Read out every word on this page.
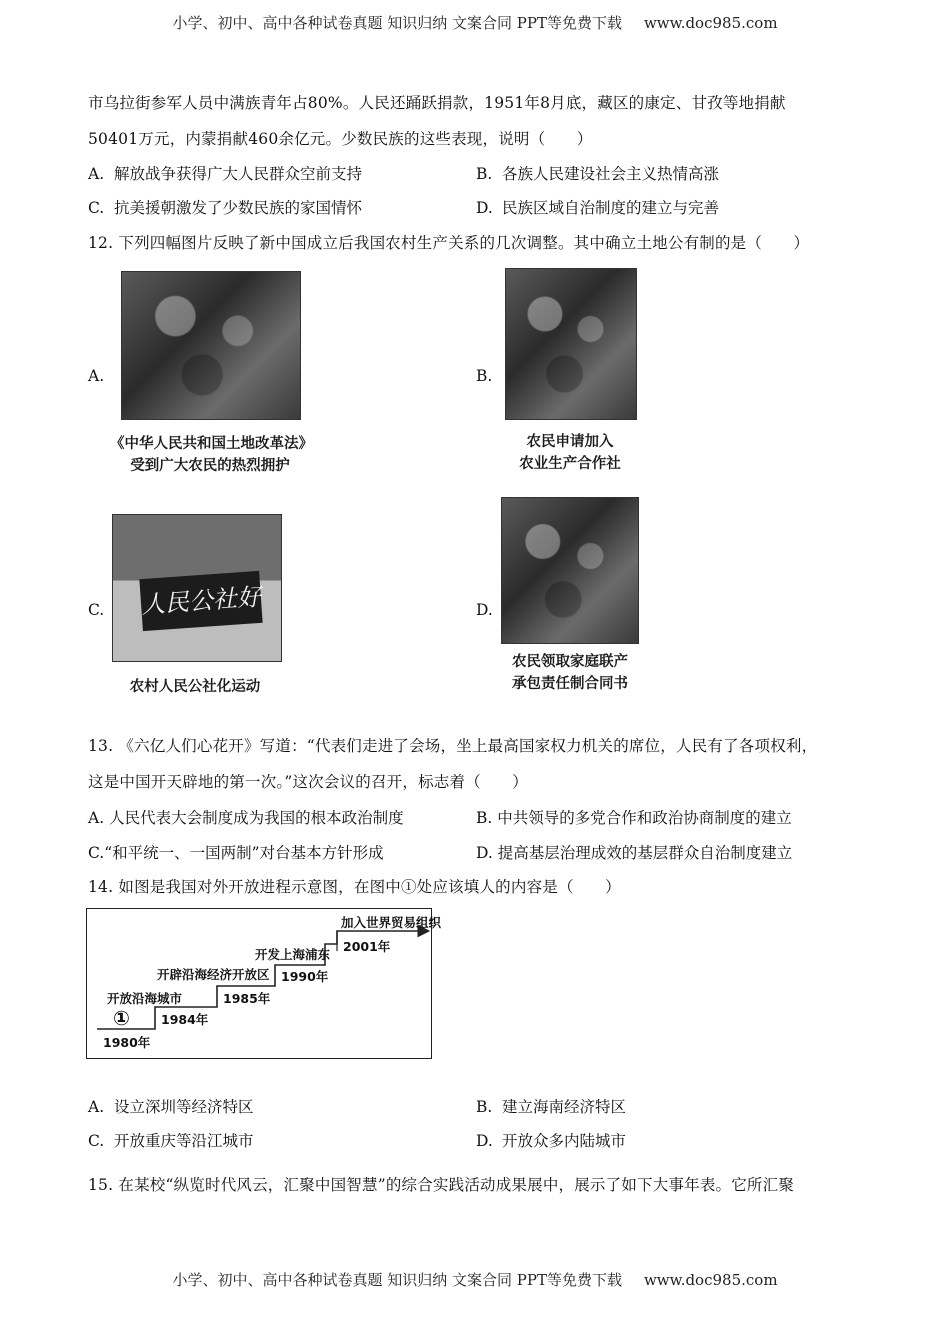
小学、初中、高中各种试卷真题 知识归纳 文案合同 PPT等免费下载 www.doc985.com
市乌拉街参军人员中满族青年占80%。人民还踊跃捐款，1951年8月底，藏区的康定、甘孜等地捐献
50401万元，内蒙捐献460余亿元。少数民族的这些表现，说明（　　）
A. 解放战争获得广大人民群众空前支持	B. 各族人民建设社会主义热情高涨
C. 抗美援朝激发了少数民族的家国情怀	D. 民族区域自治制度的建立与完善
12. 下列四幅图片反映了新中国成立后我国农村生产关系的几次调整。其中确立土地公有制的是（　　）
A.
《中华人民共和国土地改革法》
受到广大农民的热烈拥护
B.
农民申请加入
农业生产合作社
C. 人民公社好
农村人民公社化运动
D.
农民领取家庭联产
承包责任制合同书
13. 《六亿人们心花开》写道：“代表们走进了会场，坐上最高国家权力机关的席位，人民有了各项权利，
这是中国开天辟地的第一次。”这次会议的召开，标志着（　　）
A. 人民代表大会制度成为我国的根本政治制度	B. 中共领导的多党合作和政治协商制度的建立
C.“和平统一、一国两制”对台基本方针形成	D. 提高基层治理成效的基层群众自治制度建立
14. 如图是我国对外开放进程示意图，在图中①处应该填人的内容是（　　）
①
1980年
1984年
开放沿海城市	1985年
开辟沿海经济开放区 1990年
开发上海浦东
2001年
加入世界贸易组织
A. 设立深圳等经济特区	B. 建立海南经济特区
C. 开放重庆等沿江城市	D. 开放众多内陆城市
15. 在某校“纵览时代风云，汇聚中国智慧”的综合实践活动成果展中，展示了如下大事年表。它所汇聚
小学、初中、高中各种试卷真题 知识归纳 文案合同 PPT等免费下载 www.doc985.com
